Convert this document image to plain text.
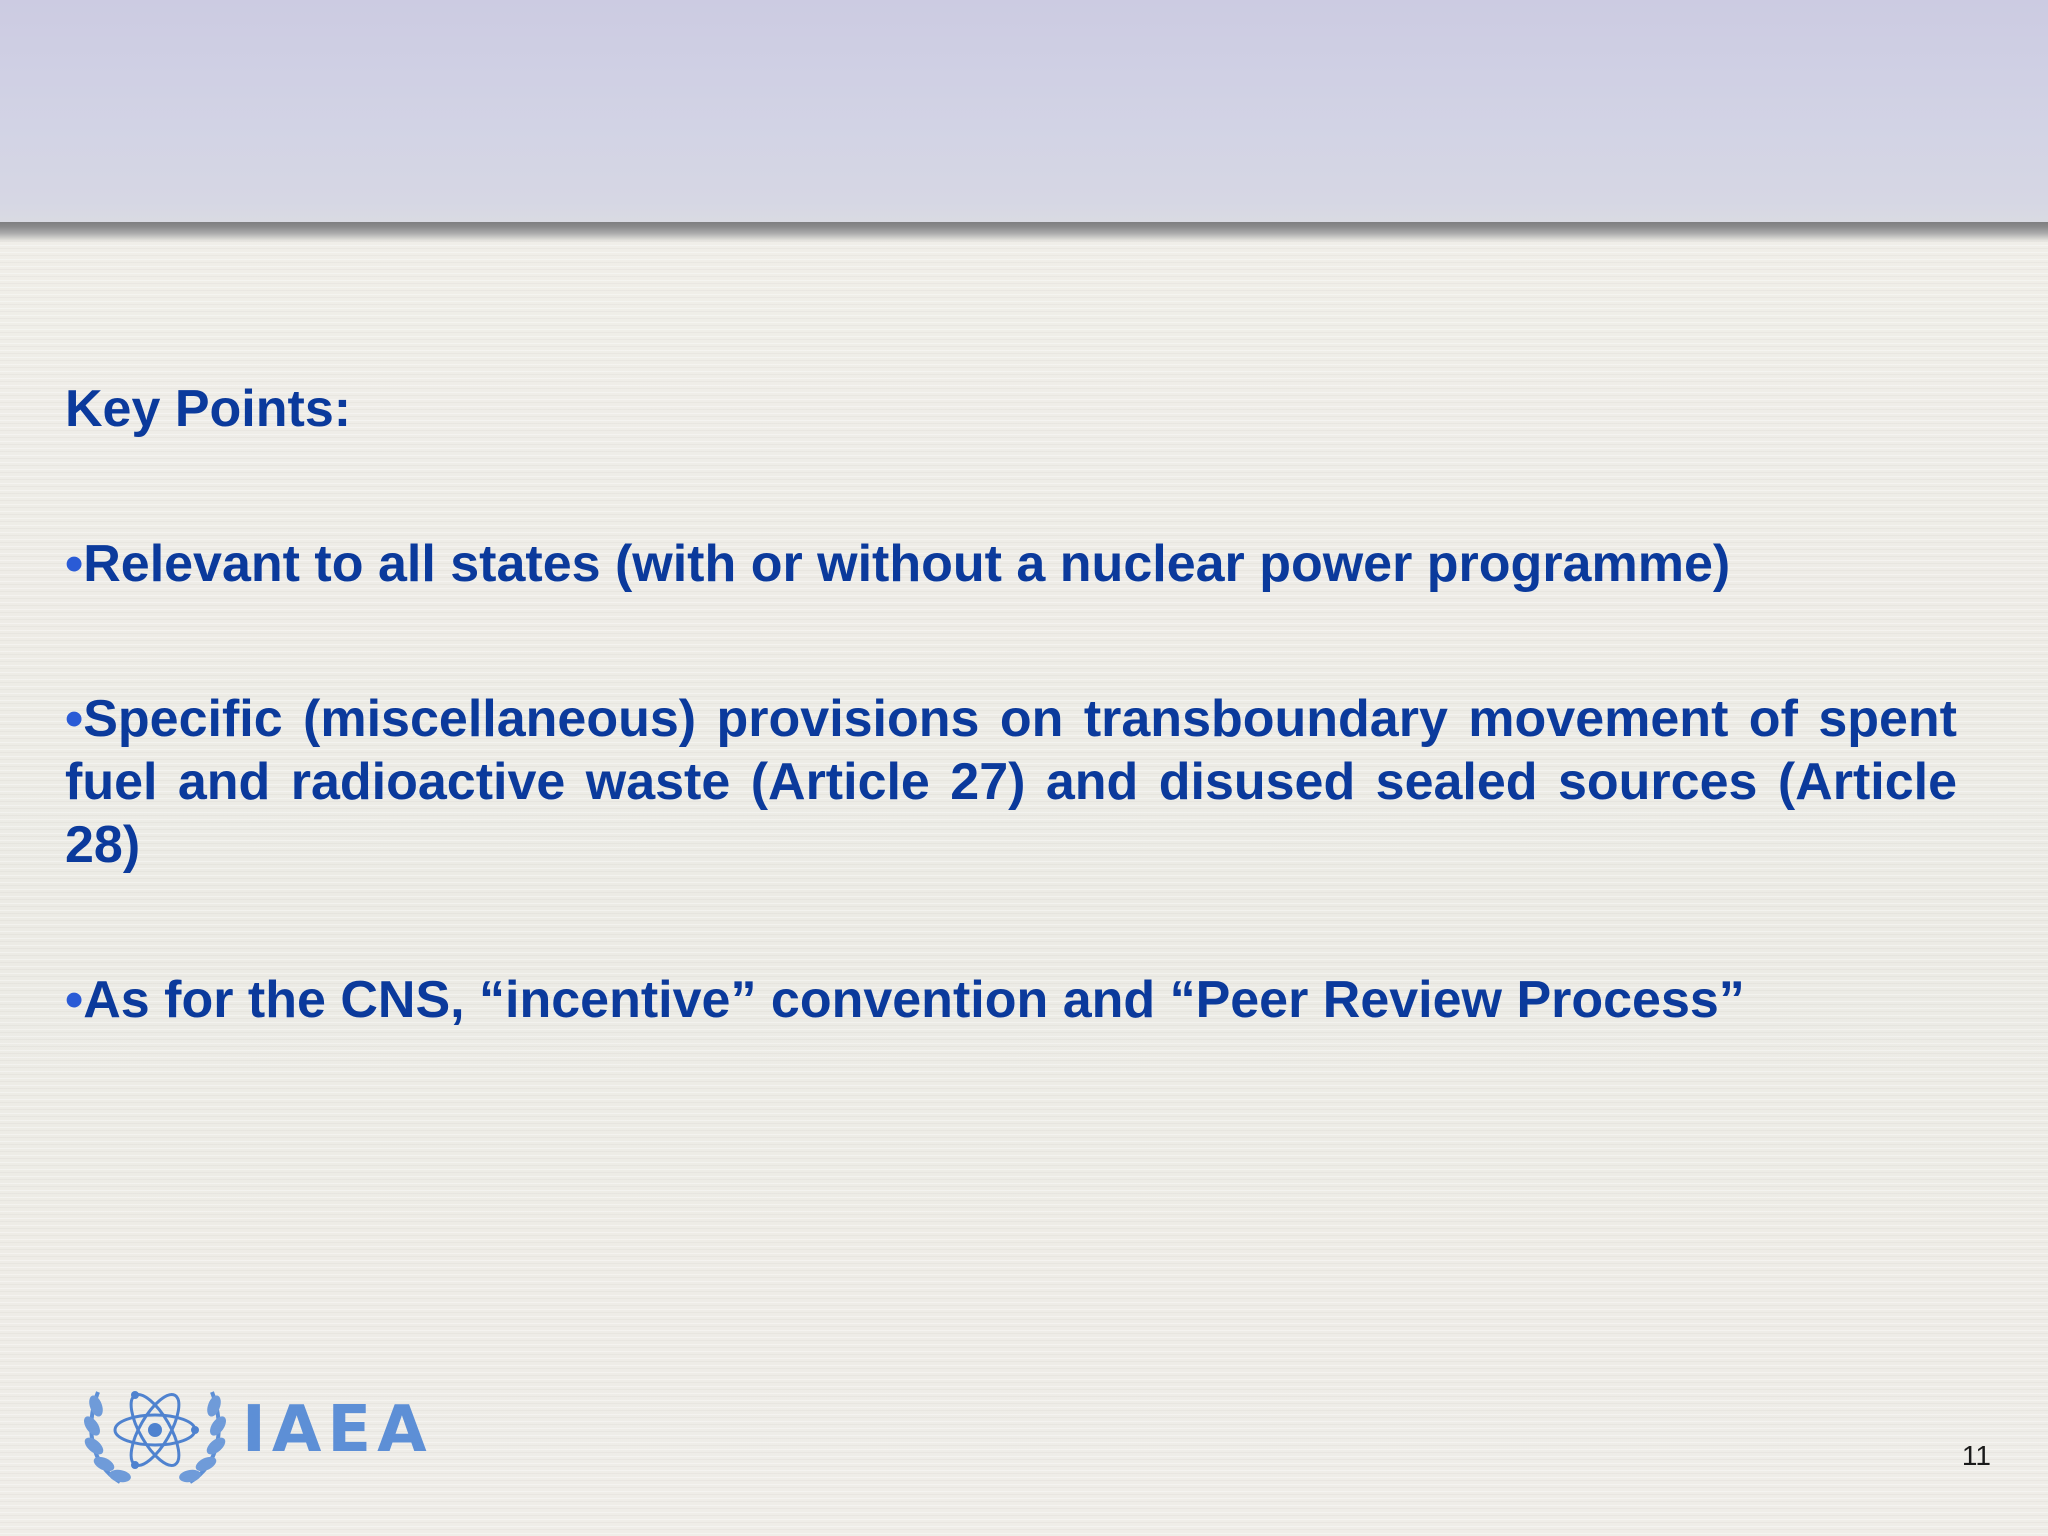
Key Points:
•Relevant to all states (with or without a nuclear power programme)
•Specific (miscellaneous) provisions on transboundary movement of spent fuel and radioactive waste (Article 27) and disused sealed sources (Article 28)
•As for the CNS, “incentive” convention and “Peer Review Process”
IAEA	11
